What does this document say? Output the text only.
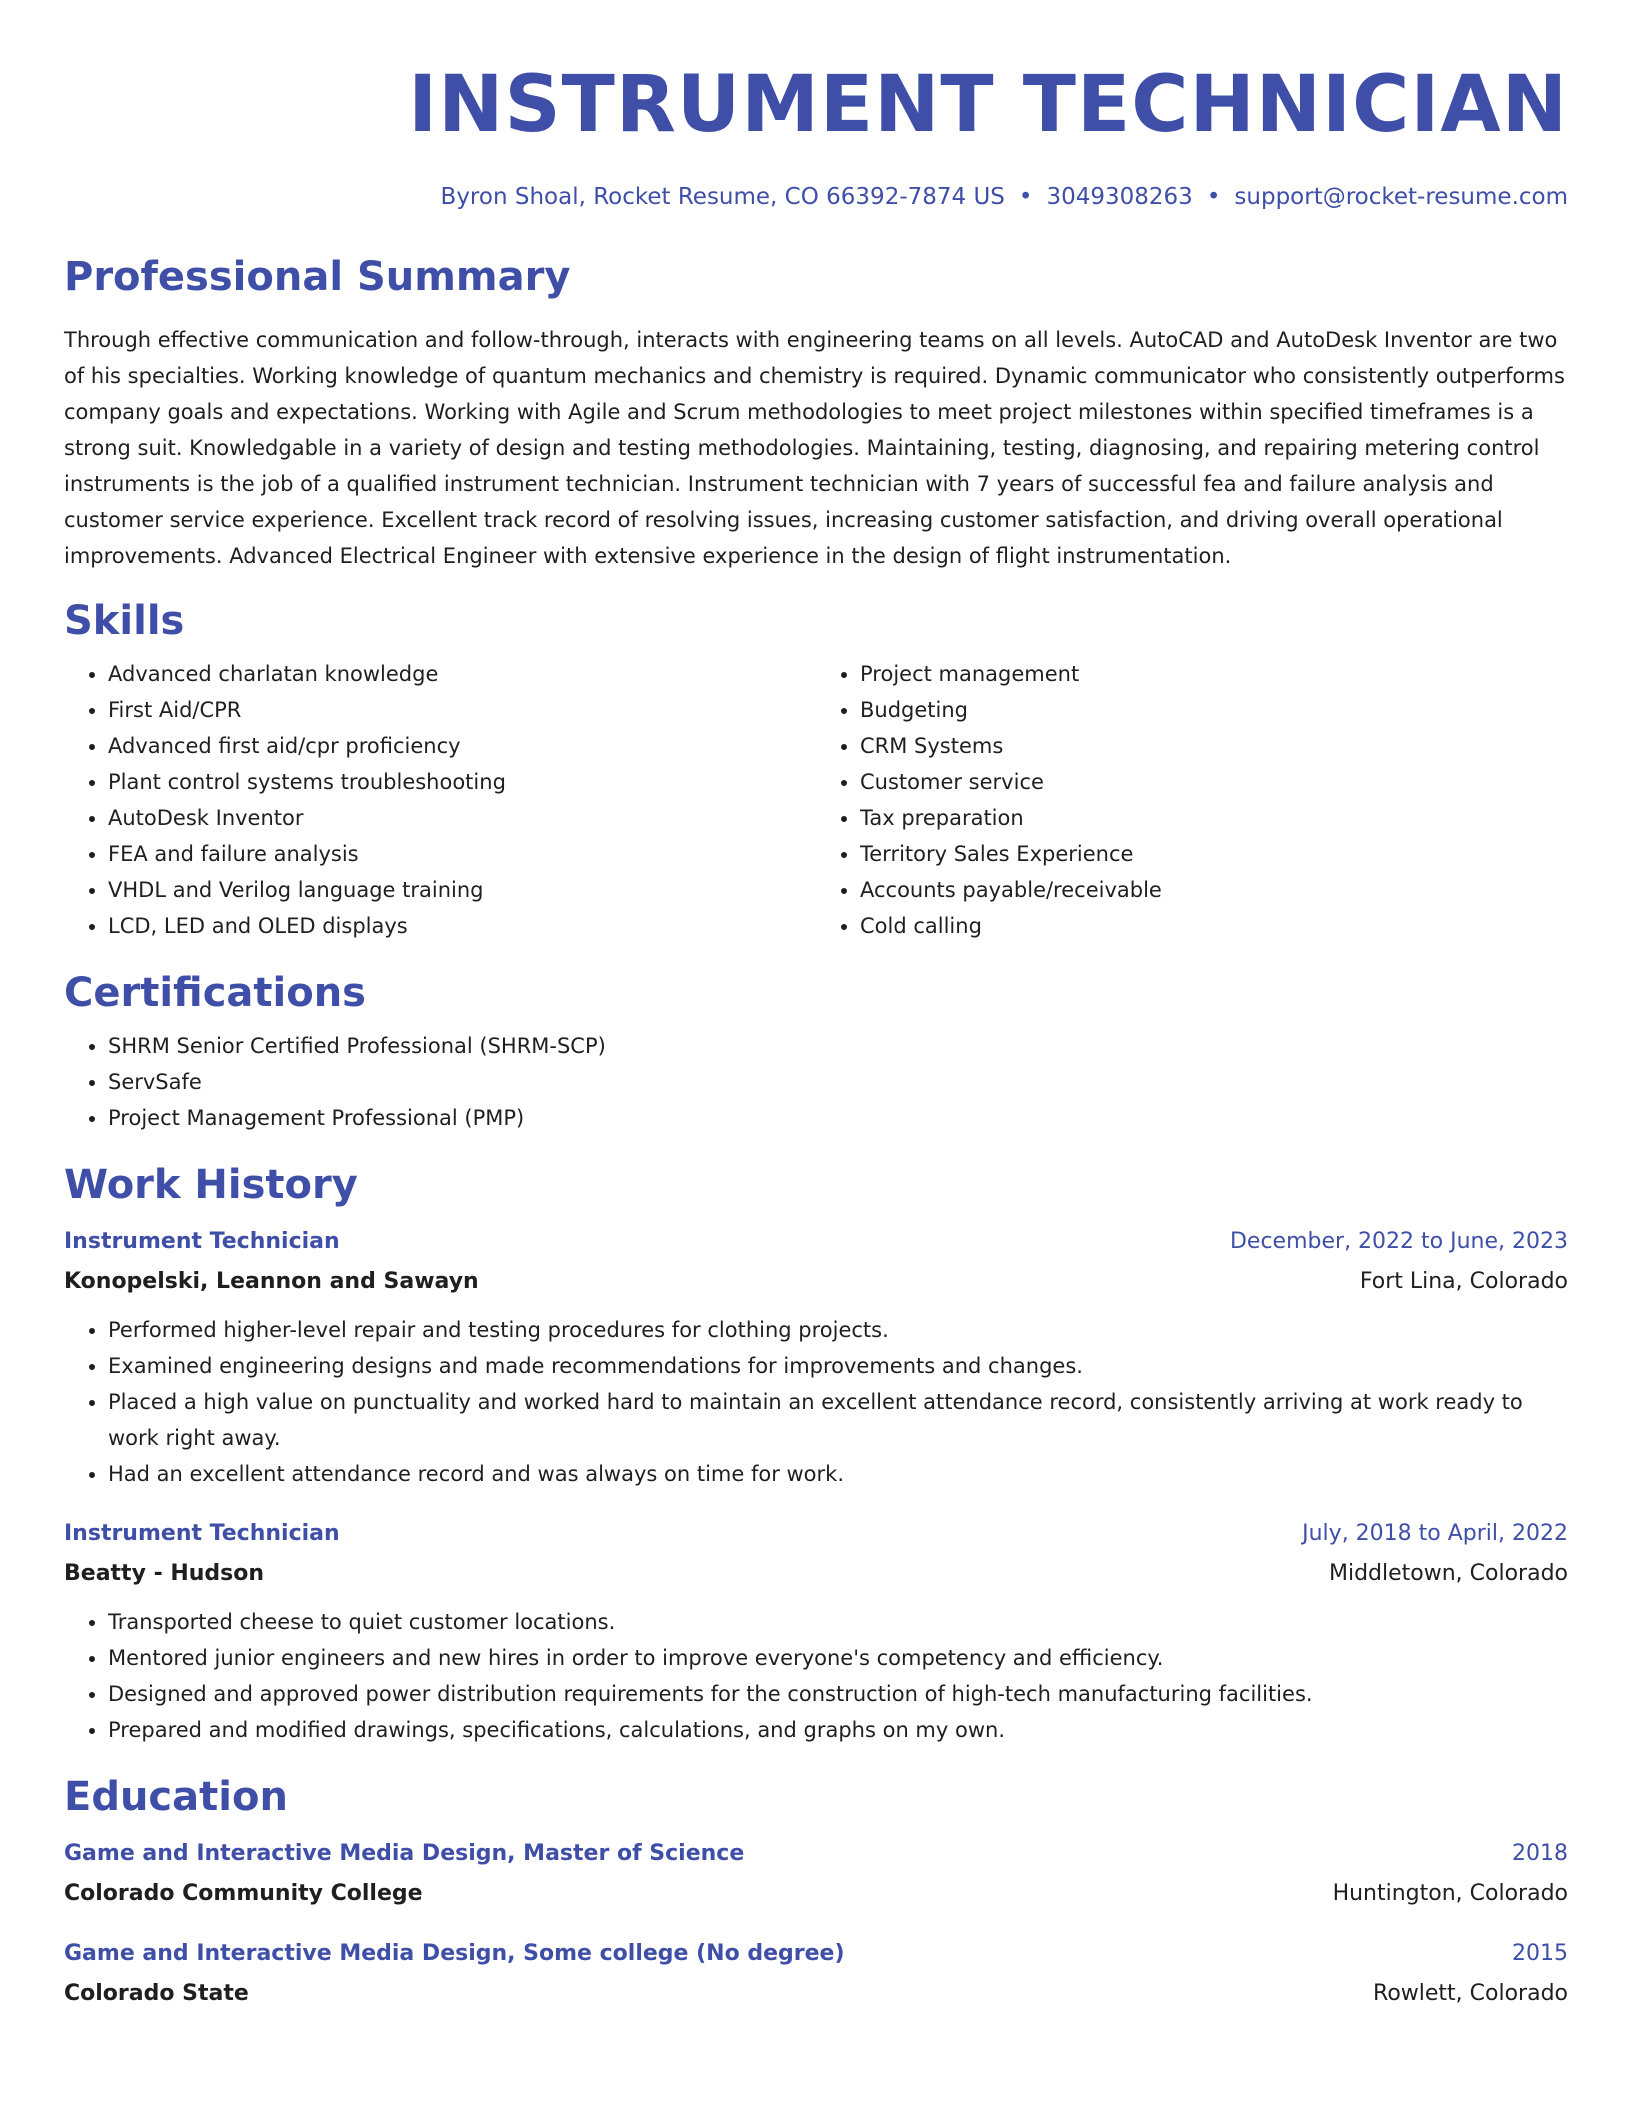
INSTRUMENT TECHNICIAN
Byron Shoal, Rocket Resume, CO 66392-7874 US • 3049308263 • support@rocket-resume.com
Professional Summary

Through effective communication and follow-through, interacts with engineering teams on all levels. AutoCAD and AutoDesk Inventor are two of his specialties. Working knowledge of quantum mechanics and chemistry is required. Dynamic communicator who consistently outperforms company goals and expectations. Working with Agile and Scrum methodologies to meet project milestones within specified timeframes is a strong suit. Knowledgable in a variety of design and testing methodologies. Maintaining, testing, diagnosing, and repairing metering control instruments is the job of a qualified instrument technician. Instrument technician with 7 years of successful fea and failure analysis and customer service experience. Excellent track record of resolving issues, increasing customer satisfaction, and driving overall operational improvements. Advanced Electrical Engineer with extensive experience in the design of flight instrumentation.

Skills
• Advanced charlatan knowledge
• First Aid/CPR
• Advanced first aid/cpr proficiency
• Plant control systems troubleshooting
• AutoDesk Inventor
• FEA and failure analysis
• VHDL and Verilog language training
• LCD, LED and OLED displays
• Project management
• Budgeting
• CRM Systems
• Customer service
• Tax preparation
• Territory Sales Experience
• Accounts payable/receivable
• Cold calling
Certifications
• SHRM Senior Certified Professional (SHRM-SCP)
• ServSafe
• Project Management Professional (PMP)
Work History
Instrument Technician	December, 2022 to June, 2023
Konopelski, Leannon and Sawayn	Fort Lina, Colorado
• Performed higher-level repair and testing procedures for clothing projects.
• Examined engineering designs and made recommendations for improvements and changes.
• Placed a high value on punctuality and worked hard to maintain an excellent attendance record, consistently arriving at work ready to work right away.
• Had an excellent attendance record and was always on time for work.
Instrument Technician	July, 2018 to April, 2022
Beatty - Hudson	Middletown, Colorado
• Transported cheese to quiet customer locations.
• Mentored junior engineers and new hires in order to improve everyone's competency and efficiency.
• Designed and approved power distribution requirements for the construction of high-tech manufacturing facilities.
• Prepared and modified drawings, specifications, calculations, and graphs on my own.
Education
Game and Interactive Media Design, Master of Science	2018
Colorado Community College	Huntington, Colorado
Game and Interactive Media Design, Some college (No degree)	2015
Colorado State	Rowlett, Colorado
